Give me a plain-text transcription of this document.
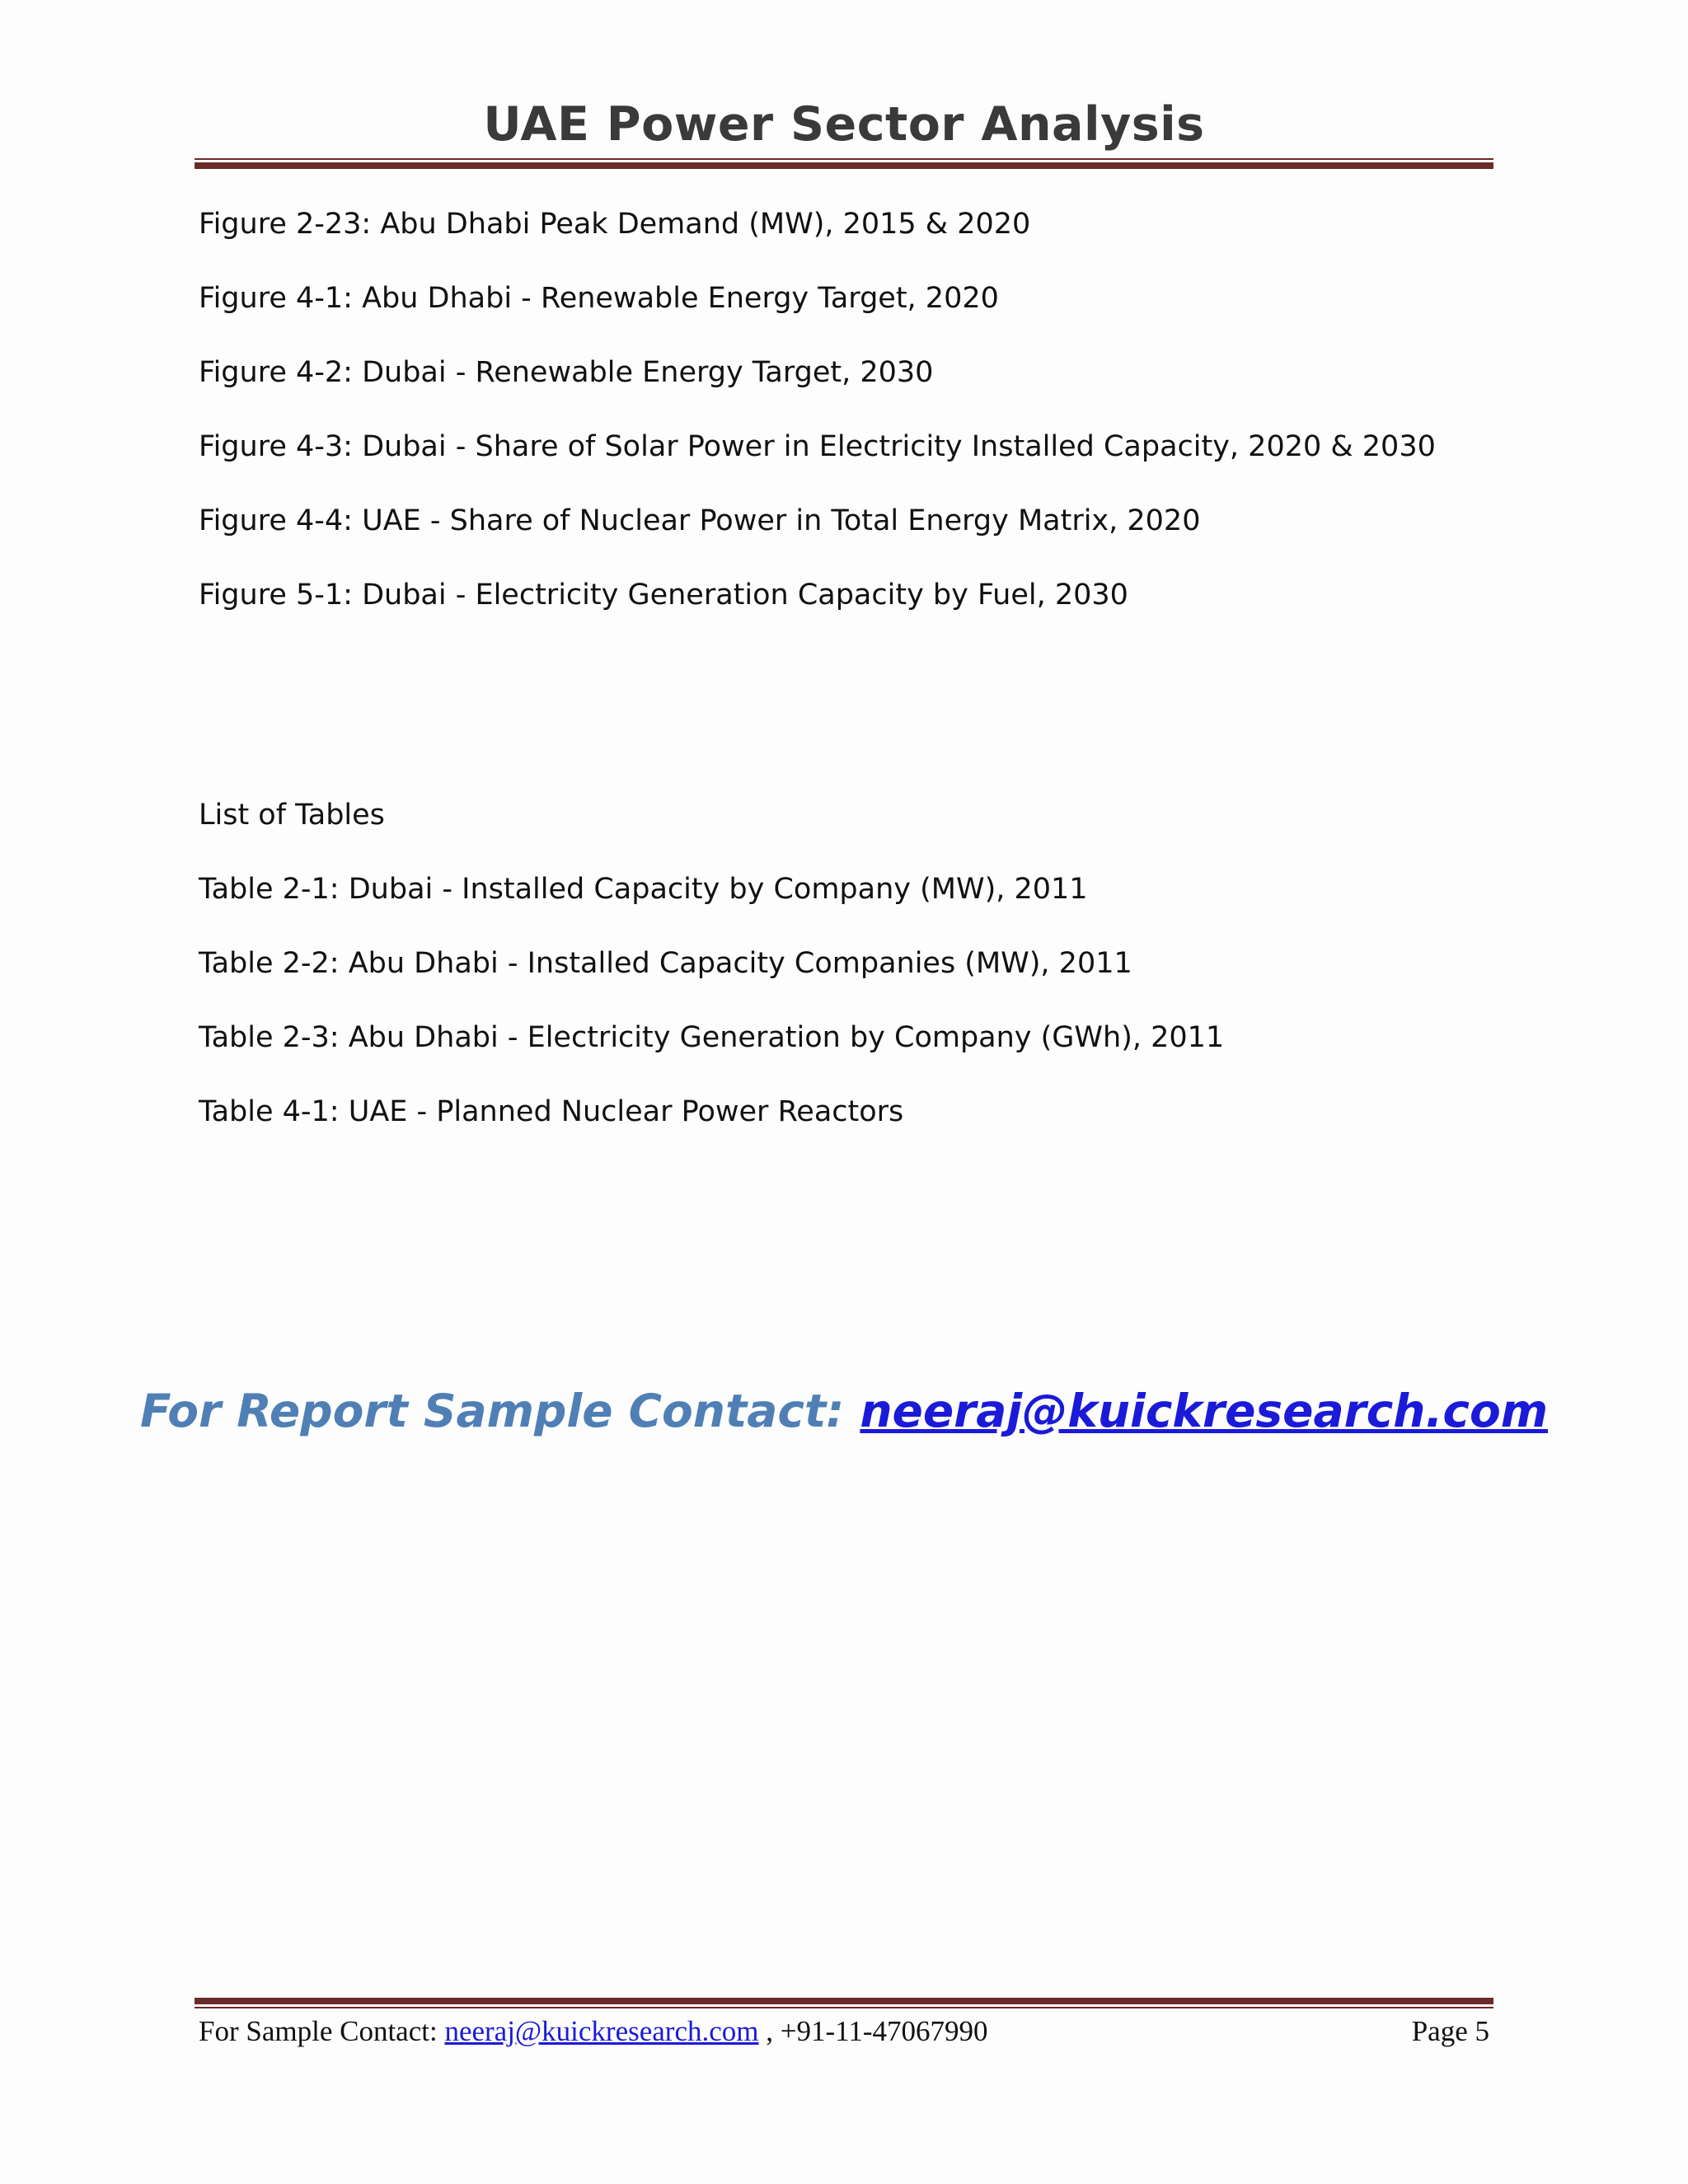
UAE Power Sector Analysis
Figure 2-23: Abu Dhabi Peak Demand (MW), 2015 & 2020
Figure 4-1: Abu Dhabi - Renewable Energy Target, 2020
Figure 4-2: Dubai - Renewable Energy Target, 2030
Figure 4-3: Dubai - Share of Solar Power in Electricity Installed Capacity, 2020 & 2030
Figure 4-4: UAE - Share of Nuclear Power in Total Energy Matrix, 2020
Figure 5-1: Dubai - Electricity Generation Capacity by Fuel, 2030
List of Tables
Table 2-1: Dubai - Installed Capacity by Company (MW), 2011
Table 2-2: Abu Dhabi - Installed Capacity Companies (MW), 2011
Table 2-3: Abu Dhabi - Electricity Generation by Company (GWh), 2011
Table 4-1: UAE - Planned Nuclear Power Reactors
For Report Sample Contact: neeraj@kuickresearch.com
For Sample Contact: neeraj@kuickresearch.com , +91-11-47067990	Page 5
